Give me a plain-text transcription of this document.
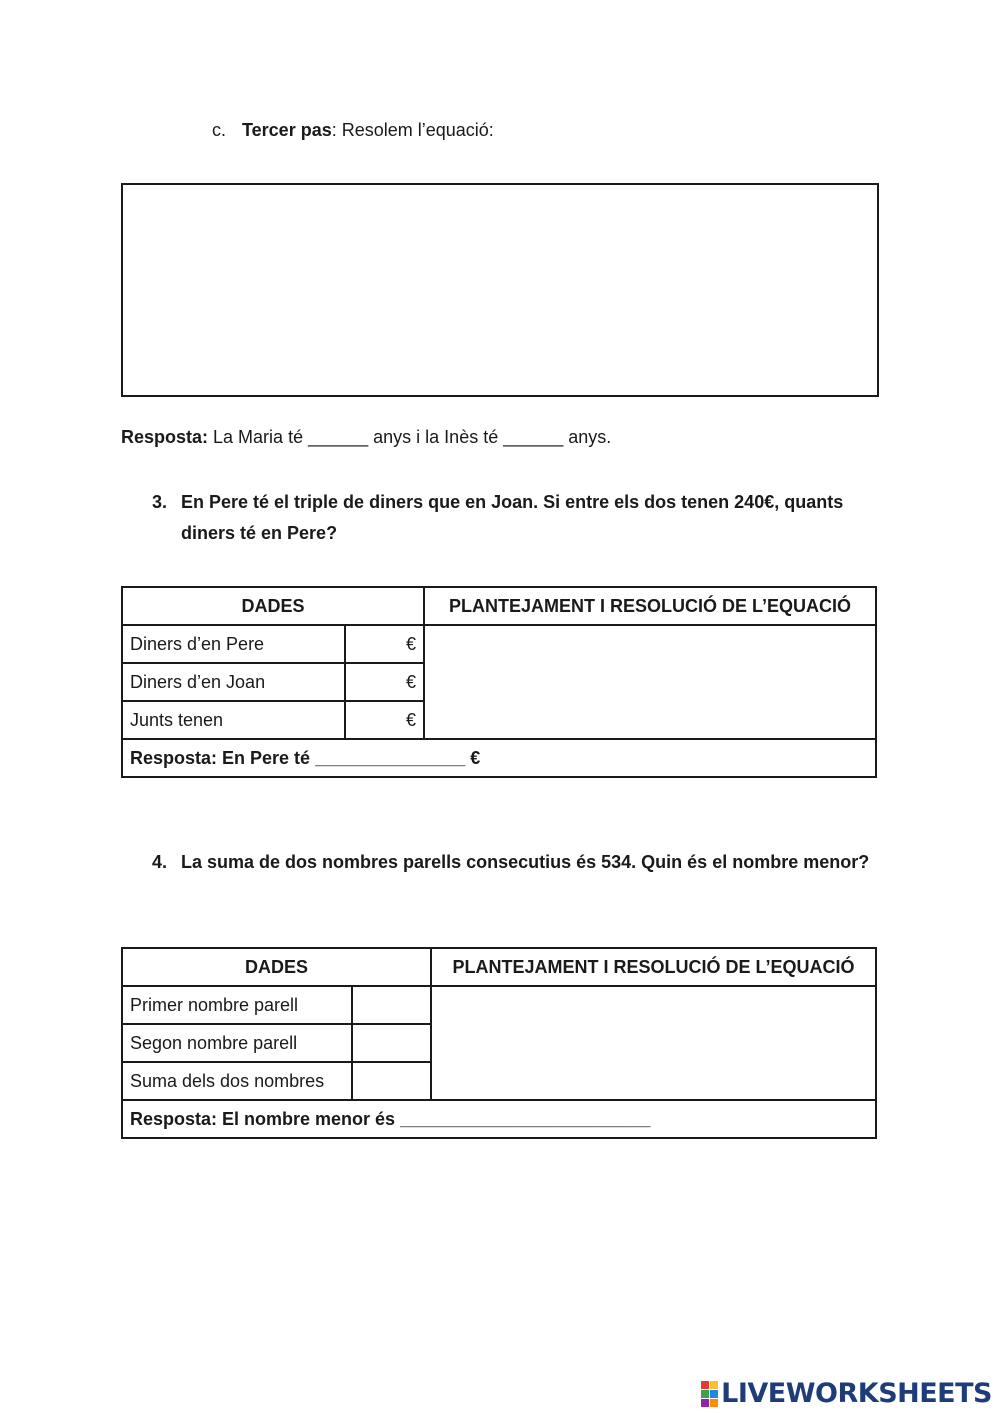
c. Tercer pas: Resolem l’equació:
Resposta: La Maria té ______ anys i la Inès té ______ anys.
3. En Pere té el triple de diners que en Joan. Si entre els dos tenen 240€, quants diners té en Pere?
DADES		PLANTEJAMENT I RESOLUCIÓ DE L’EQUACIÓ
Diners d’en Pere	€	
Diners d’en Joan	€	
Junts tenen	€	
Resposta: En Pere té _______________ €		
4. La suma de dos nombres parells consecutius és 534. Quin és el nombre menor?
DADES		PLANTEJAMENT I RESOLUCIÓ DE L’EQUACIÓ
Primer nombre parell		
Segon nombre parell		
Suma dels dos nombres		
Resposta: El nombre menor és _________________________		
LIVEWORKSHEETS
